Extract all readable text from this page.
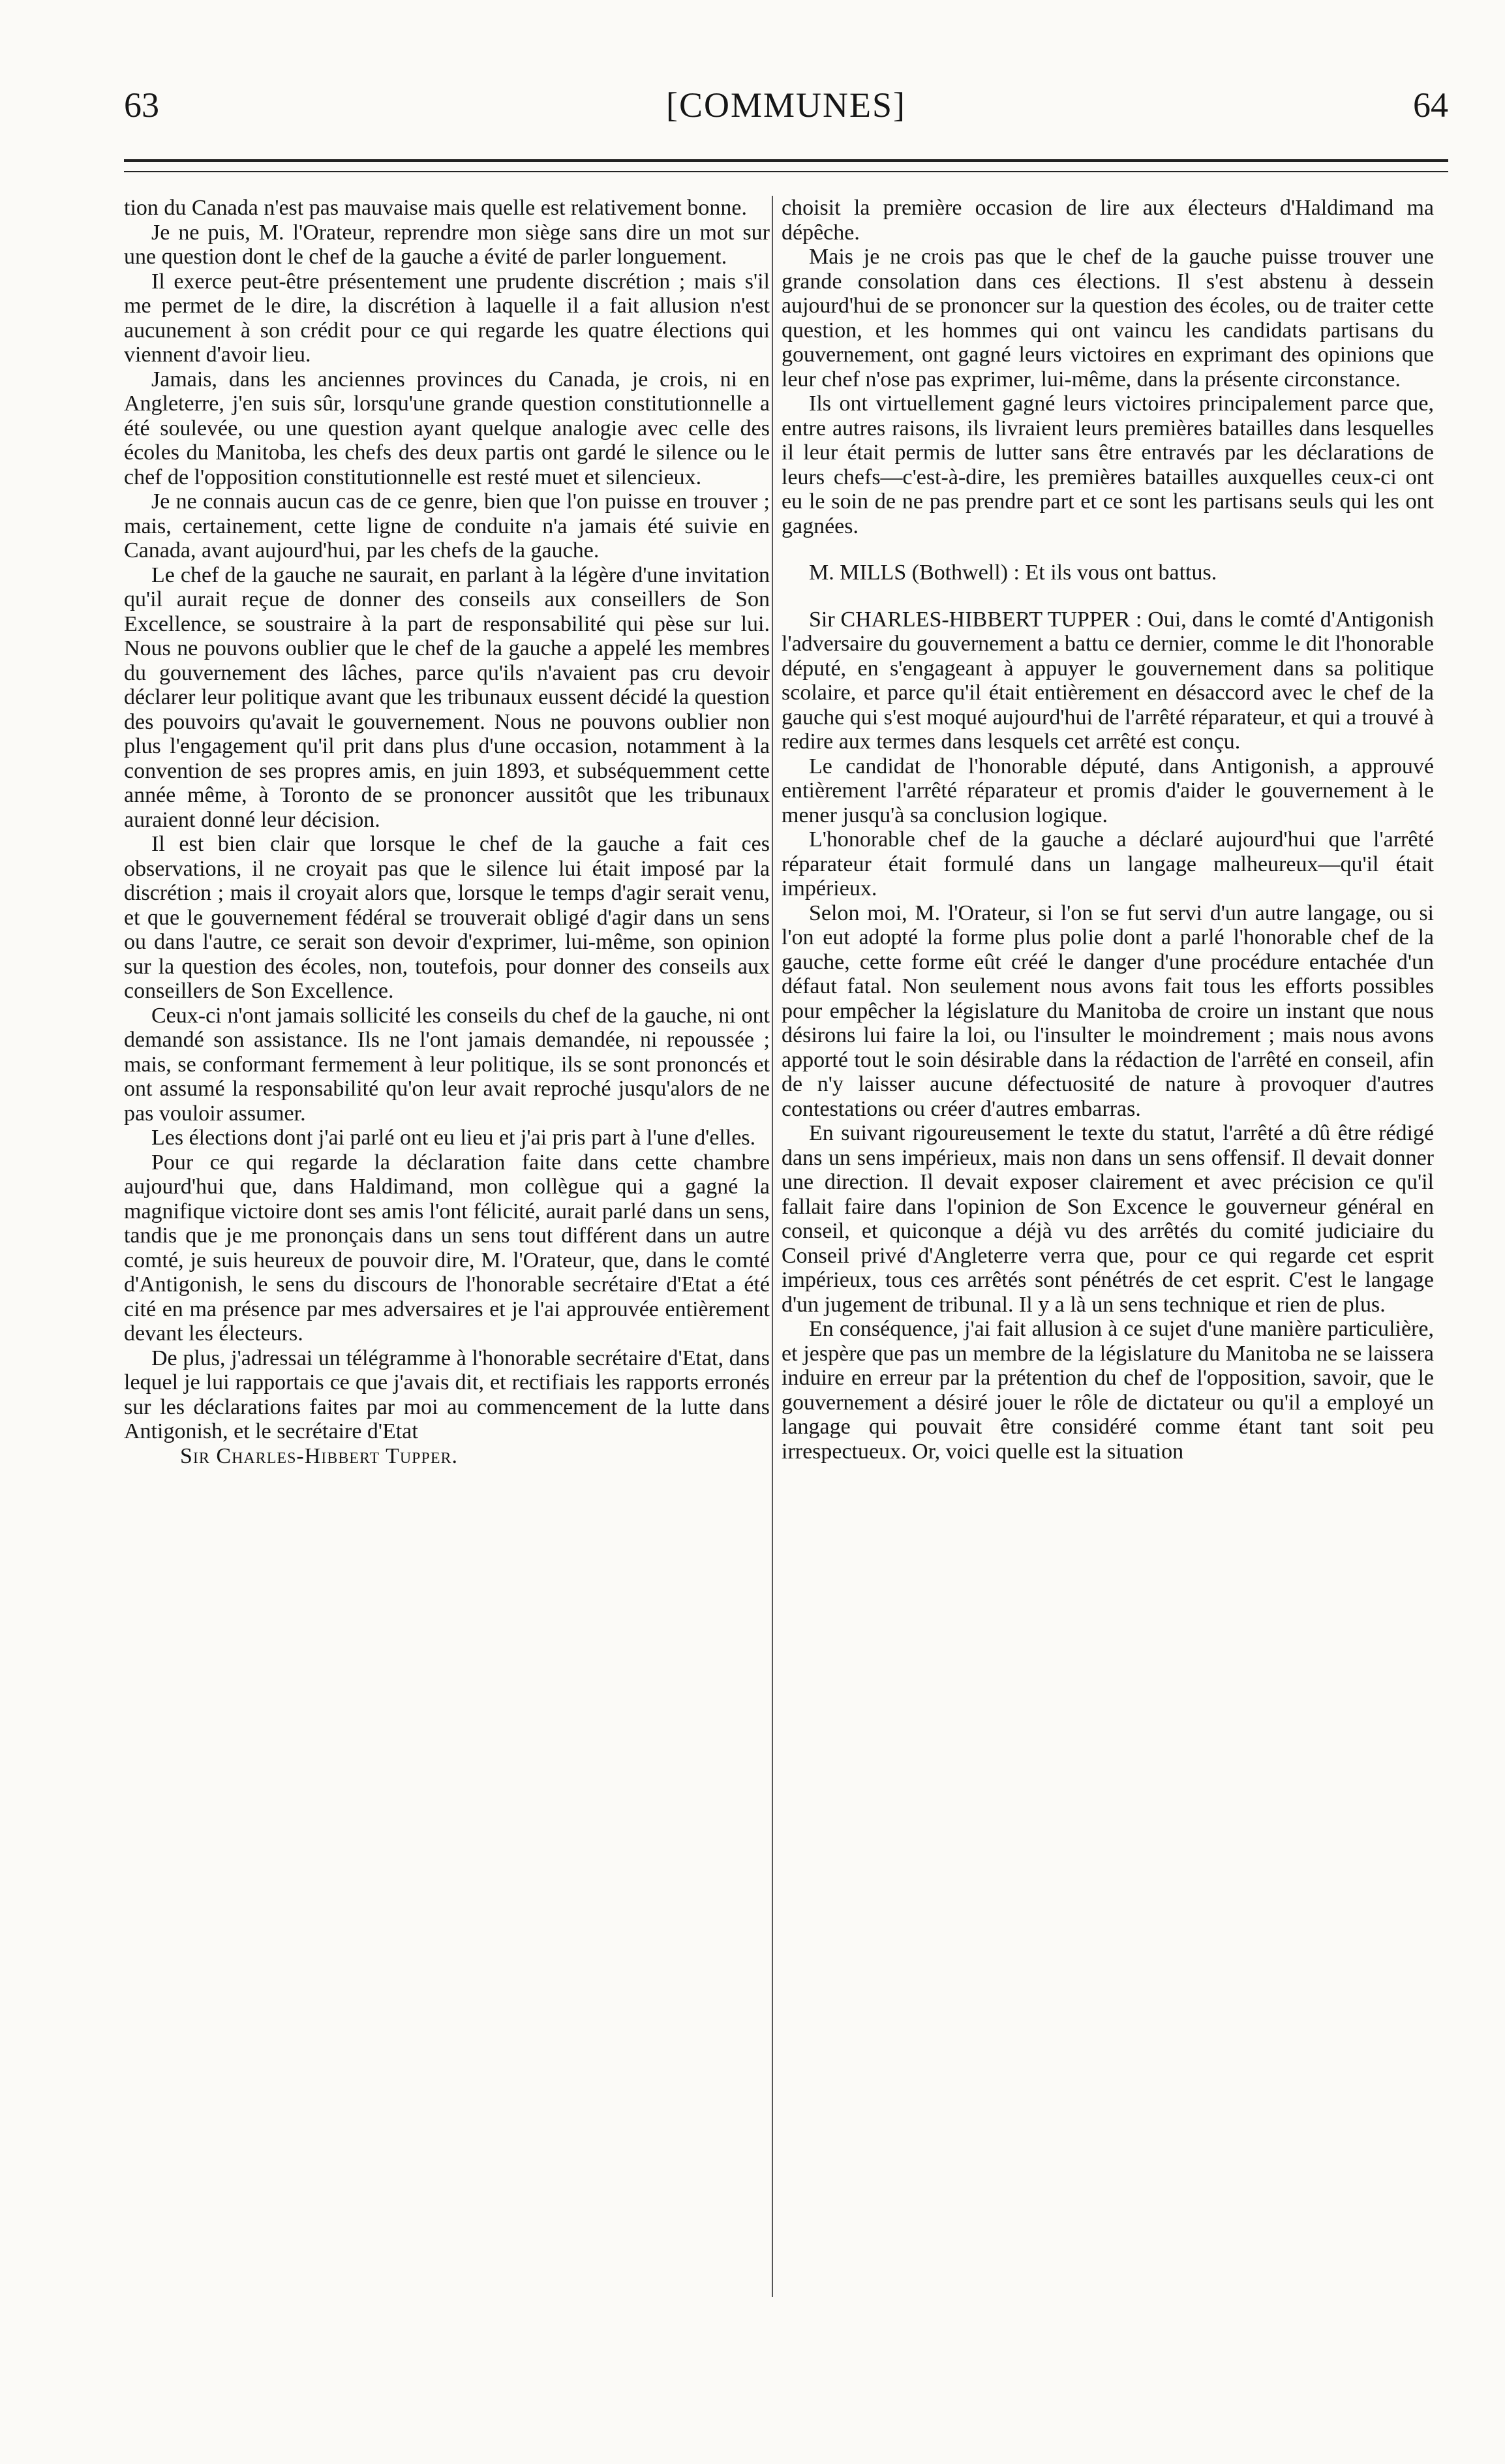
63	[COMMUNES]	64

tion du Canada n'est pas mauvaise mais quelle est relativement bonne.

Je ne puis, M. l'Orateur, reprendre mon siège sans dire un mot sur une question dont le chef de la gauche a évité de parler longuement.

Il exerce peut-être présentement une prudente discrétion ; mais s'il me permet de le dire, la discrétion à laquelle il a fait allusion n'est aucunement à son crédit pour ce qui regarde les quatre élections qui viennent d'avoir lieu.

Jamais, dans les anciennes provinces du Canada, je crois, ni en Angleterre, j'en suis sûr, lorsqu'une grande question constitutionnelle a été soulevée, ou une question ayant quelque analogie avec celle des écoles du Manitoba, les chefs des deux partis ont gardé le silence ou le chef de l'opposition constitutionnelle est resté muet et silencieux.

Je ne connais aucun cas de ce genre, bien que l'on puisse en trouver ; mais, certainement, cette ligne de conduite n'a jamais été suivie en Canada, avant aujourd'hui, par les chefs de la gauche.

Le chef de la gauche ne saurait, en parlant à la légère d'une invitation qu'il aurait reçue de donner des conseils aux conseillers de Son Excellence, se soustraire à la part de responsabilité qui pèse sur lui. Nous ne pouvons oublier que le chef de la gauche a appelé les membres du gouvernement des lâches, parce qu'ils n'avaient pas cru devoir déclarer leur politique avant que les tribunaux eussent décidé la question des pouvoirs qu'avait le gouvernement. Nous ne pouvons oublier non plus l'engagement qu'il prit dans plus d'une occasion, notamment à la convention de ses propres amis, en juin 1893, et subséquemment cette année même, à Toronto de se prononcer aussitôt que les tribunaux auraient donné leur décision.

Il est bien clair que lorsque le chef de la gauche a fait ces observations, il ne croyait pas que le silence lui était imposé par la discrétion ; mais il croyait alors que, lorsque le temps d'agir serait venu, et que le gouvernement fédéral se trouverait obligé d'agir dans un sens ou dans l'autre, ce serait son devoir d'exprimer, lui-même, son opinion sur la question des écoles, non, toutefois, pour donner des conseils aux conseillers de Son Excellence.

Ceux-ci n'ont jamais sollicité les conseils du chef de la gauche, ni ont demandé son assistance. Ils ne l'ont jamais demandée, ni repoussée ; mais, se conformant fermement à leur politique, ils se sont prononcés et ont assumé la responsabilité qu'on leur avait reproché jusqu'alors de ne pas vouloir assumer.

Les élections dont j'ai parlé ont eu lieu et j'ai pris part à l'une d'elles.

Pour ce qui regarde la déclaration faite dans cette chambre aujourd'hui que, dans Haldimand, mon collègue qui a gagné la magnifique victoire dont ses amis l'ont félicité, aurait parlé dans un sens, tandis que je me prononçais dans un sens tout différent dans un autre comté, je suis heureux de pouvoir dire, M. l'Orateur, que, dans le comté d'Antigonish, le sens du discours de l'honorable secrétaire d'Etat a été cité en ma présence par mes adversaires et je l'ai approuvée entièrement devant les électeurs.

De plus, j'adressai un télégramme à l'honorable secrétaire d'Etat, dans lequel je lui rapportais ce que j'avais dit, et rectifiais les rapports erronés sur les déclarations faites par moi au commencement de la lutte dans Antigonish, et le secrétaire d'Etat

Sir Charles-Hibbert Tupper.

choisit la première occasion de lire aux électeurs d'Haldimand ma dépêche.

Mais je ne crois pas que le chef de la gauche puisse trouver une grande consolation dans ces élections. Il s'est abstenu à dessein aujourd'hui de se prononcer sur la question des écoles, ou de traiter cette question, et les hommes qui ont vaincu les candidats partisans du gouvernement, ont gagné leurs victoires en exprimant des opinions que leur chef n'ose pas exprimer, lui-même, dans la présente circonstance.

Ils ont virtuellement gagné leurs victoires principalement parce que, entre autres raisons, ils livraient leurs premières batailles dans lesquelles il leur était permis de lutter sans être entravés par les déclarations de leurs chefs—c'est-à-dire, les premières batailles auxquelles ceux-ci ont eu le soin de ne pas prendre part et ce sont les partisans seuls qui les ont gagnées.

M. MILLS (Bothwell) : Et ils vous ont battus.

Sir CHARLES-HIBBERT TUPPER : Oui, dans le comté d'Antigonish l'adversaire du gouvernement a battu ce dernier, comme le dit l'honorable député, en s'engageant à appuyer le gouvernement dans sa politique scolaire, et parce qu'il était entièrement en désaccord avec le chef de la gauche qui s'est moqué aujourd'hui de l'arrêté réparateur, et qui a trouvé à redire aux termes dans lesquels cet arrêté est conçu.

Le candidat de l'honorable député, dans Antigonish, a approuvé entièrement l'arrêté réparateur et promis d'aider le gouvernement à le mener jusqu'à sa conclusion logique.

L'honorable chef de la gauche a déclaré aujourd'hui que l'arrêté réparateur était formulé dans un langage malheureux—qu'il était impérieux.

Selon moi, M. l'Orateur, si l'on se fut servi d'un autre langage, ou si l'on eut adopté la forme plus polie dont a parlé l'honorable chef de la gauche, cette forme eût créé le danger d'une procédure entachée d'un défaut fatal. Non seulement nous avons fait tous les efforts possibles pour empêcher la législature du Manitoba de croire un instant que nous désirons lui faire la loi, ou l'insulter le moindrement ; mais nous avons apporté tout le soin désirable dans la rédaction de l'arrêté en conseil, afin de n'y laisser aucune défectuosité de nature à provoquer d'autres contestations ou créer d'autres embarras.

En suivant rigoureusement le texte du statut, l'arrêté a dû être rédigé dans un sens impérieux, mais non dans un sens offensif. Il devait donner une direction. Il devait exposer clairement et avec précision ce qu'il fallait faire dans l'opinion de Son Excence le gouverneur général en conseil, et quiconque a déjà vu des arrêtés du comité judiciaire du Conseil privé d'Angleterre verra que, pour ce qui regarde cet esprit impérieux, tous ces arrêtés sont pénétrés de cet esprit. C'est le langage d'un jugement de tribunal. Il y a là un sens technique et rien de plus.

En conséquence, j'ai fait allusion à ce sujet d'une manière particulière, et jespère que pas un membre de la législature du Manitoba ne se laissera induire en erreur par la prétention du chef de l'opposition, savoir, que le gouvernement a désiré jouer le rôle de dictateur ou qu'il a employé un langage qui pouvait être considéré comme étant tant soit peu irrespectueux. Or, voici quelle est la situation
